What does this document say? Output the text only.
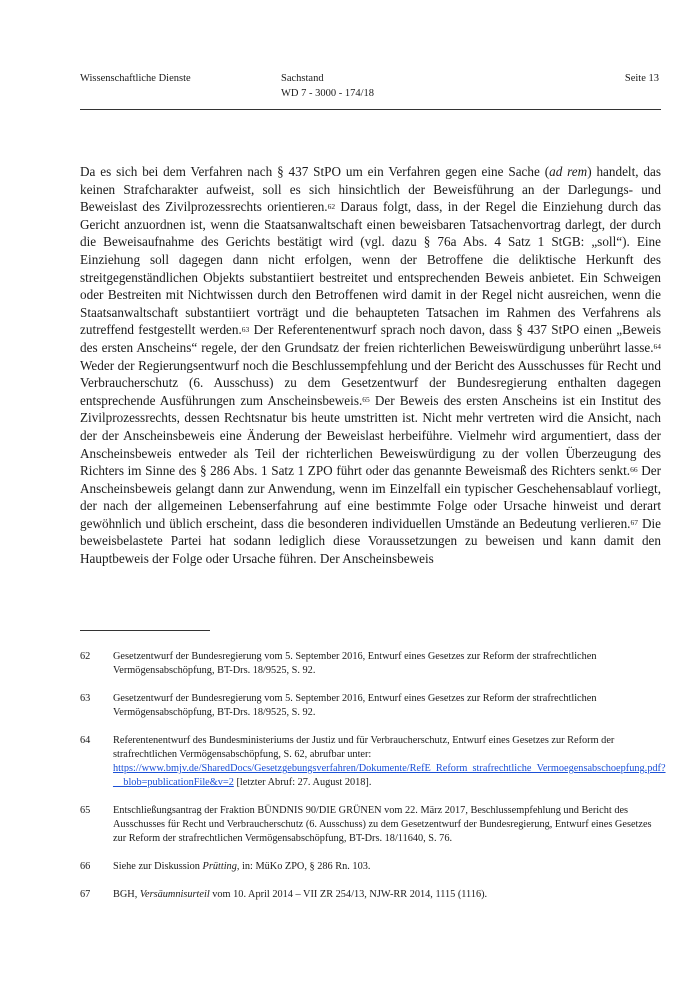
Wissenschaftliche Dienste	Sachstand
WD 7 - 3000 - 174/18
Seite 13
Da es sich bei dem Verfahren nach § 437 StPO um ein Verfahren gegen eine Sache (ad rem) handelt, das keinen Strafcharakter aufweist, soll es sich hinsichtlich der Beweisführung an der Darlegungs- und Beweislast des Zivilprozessrechts orientieren.$^{62}$ Daraus folgt, dass, in der Regel die Einziehung durch das Gericht anzuordnen ist, wenn die Staatsanwaltschaft einen beweisbaren Tatsachenvortrag darlegt, der durch die Beweisaufnahme des Gerichts bestätigt wird (vgl. dazu § 76a Abs. 4 Satz 1 StGB: „soll“). Eine Einziehung soll dagegen dann nicht erfolgen, wenn der Betroffene die deliktische Herkunft des streitgegenständlichen Objekts substantiiert bestreitet und entsprechenden Beweis anbietet. Ein Schweigen oder Bestreiten mit Nichtwissen durch den Betroffenen wird damit in der Regel nicht ausreichen, wenn die Staatsanwaltschaft substantiiert vorträgt und die behaupteten Tatsachen im Rahmen des Verfahrens als zutreffend festgestellt werden.$^{63}$ Der Referentenentwurf sprach noch davon, dass § 437 StPO einen „Beweis des ersten Anscheins“ regele, der den Grundsatz der freien richterlichen Beweiswürdigung unberührt lasse.$^{64}$ Weder der Regierungsentwurf noch die Beschlussempfehlung und der Bericht des Ausschusses für Recht und Verbraucherschutz (6. Ausschuss) zu dem Gesetzentwurf der Bundesregierung enthalten dagegen entsprechende Ausführungen zum Anscheinsbeweis.$^{65}$ Der Beweis des ersten Anscheins ist ein Institut des Zivilprozessrechts, dessen Rechtsnatur bis heute umstritten ist. Nicht mehr vertreten wird die Ansicht, nach der der Anscheinsbeweis eine Änderung der Beweislast herbeiführe. Vielmehr wird argumentiert, dass der Anscheinsbeweis entweder als Teil der richterlichen Beweiswürdigung zu der vollen Überzeugung des Richters im Sinne des § 286 Abs. 1 Satz 1 ZPO führt oder das genannte Beweismaß des Richters senkt.$^{66}$ Der Anscheinsbeweis gelangt dann zur Anwendung, wenn im Einzelfall ein typischer Geschehensablauf vorliegt, der nach der allgemeinen Lebenserfahrung auf eine bestimmte Folge oder Ursache hinweist und derart gewöhnlich und üblich erscheint, dass die besonderen individuellen Umstände an Bedeutung verlieren.$^{67}$ Die beweisbelastete Partei hat sodann lediglich diese Voraussetzungen zu beweisen und kann damit den Hauptbeweis der Folge oder Ursache führen. Der Anscheinsbeweis
62	Gesetzentwurf der Bundesregierung vom 5. September 2016, Entwurf eines Gesetzes zur Reform der strafrechtlichen Vermögensabschöpfung, BT-Drs. 18/9525, S. 92.
63	Gesetzentwurf der Bundesregierung vom 5. September 2016, Entwurf eines Gesetzes zur Reform der strafrechtlichen Vermögensabschöpfung, BT-Drs. 18/9525, S. 92.
64	Referentenentwurf des Bundesministeriums der Justiz und für Verbraucherschutz, Entwurf eines Gesetzes zur Reform der strafrechtlichen Vermögensabschöpfung, S. 62, abrufbar unter: https://www.bmjv.de/SharedDocs/Gesetzgebungsverfahren/Dokumente/RefE_Reform_strafrechtliche_Vermoegensabschoepfung.pdf?__blob=publicationFile&v=2 [letzter Abruf: 27. August 2018].
65	Entschließungsantrag der Fraktion BÜNDNIS 90/DIE GRÜNEN vom 22. März 2017, Beschlussempfehlung und Bericht des Ausschusses für Recht und Verbraucherschutz (6. Ausschuss) zu dem Gesetzentwurf der Bundesregierung, Entwurf eines Gesetzes zur Reform der strafrechtlichen Vermögensabschöpfung, BT-Drs. 18/11640, S. 76.
66	Siehe zur Diskussion Prütting, in: MüKo ZPO, § 286 Rn. 103.
67	BGH, Versäumnisurteil vom 10. April 2014 – VII ZR 254/13, NJW-RR 2014, 1115 (1116).
